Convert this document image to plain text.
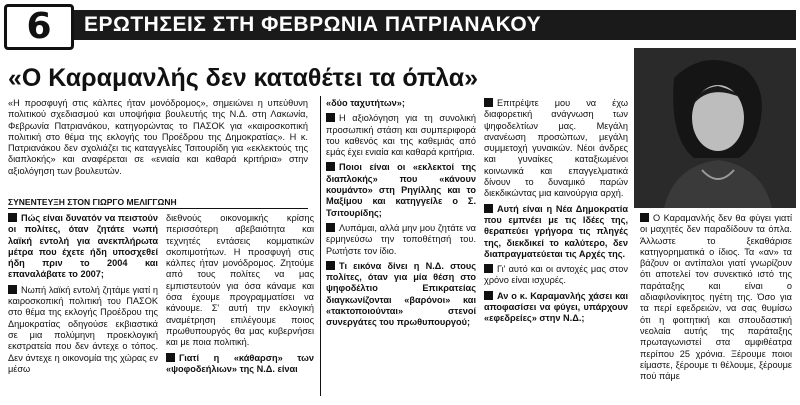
6	ΕΡΩΤΗΣΕΙΣ ΣΤΗ ΦΕΒΡΩΝΙΑ ΠΑΤΡΙΑΝΑΚΟΥ
«Ο Καραμανλής δεν καταθέτει τα όπλα»
«Η προσφυγή στις κάλπες ήταν μονόδρομος», σημειώνει η υπεύθυνη πολιτικού σχεδιασμού και υποψήφια βουλευτής της Ν.Δ. στη Λακωνία, Φεβρωνία Πατριανάκου, κατηγορώντας το ΠΑΣΟΚ για «καιροσκοπική πολιτική στο θέμα της εκλογής του Προέδρου της Δημοκρατίας». Η κ. Πατριανάκου δεν σχολιάζει τις καταγγελίες Τσιτουρίδη για «εκλεκτούς της διαπλοκής» και αναφέρεται σε «ενιαία και καθαρά κριτήρια» στην αξιολόγηση των βουλευτών.
ΣΥΝΕΝΤΕΥΞΗ ΣΤΟΝ ΓΙΩΡΓΟ ΜΕΛΙΓΓΩΝΗ
Πώς είναι δυνατόν να πειστούν οι πολίτες, όταν ζητάτε νωπή λαϊκή εντολή για ανεκπλήρωτα μέτρα που έχετε ήδη υποσχεθεί ήδη πριν το 2004 και επαναλάβατε το 2007;
Νωπή λαϊκή εντολή ζητάμε γιατί η καιροσκοπική πολιτική του ΠΑΣΟΚ στο θέμα της εκλογής Προέδρου της Δημοκρατίας οδηγούσε εκβιαστικά σε μια πολύμηνη προεκλογική εκστρατεία που δεν άντεχε ο τόπος. Δεν άντεχε η οικονομία της χώρας εν μέσω
διεθνούς οικονομικής κρίσης περισσότερη αβεβαιότητα και τεχνητές εντάσεις κομματικών σκοπιμοτήτων. Η προσφυγή στις κάλπες ήταν μονόδρομος. Ζητούμε από τους πολίτες να μας εμπιστευτούν για όσα κάναμε και όσα έχουμε προγραμματίσει να κάνουμε. Σ' αυτή την εκλογική αναμέτρηση επιλέγουμε ποιος πρωθυπουργός θα μας κυβερνήσει και με ποια πολιτική.
Γιατί η «κάθαρση» των «ψοφοδεήλιων» της Ν.Δ. είναι
«δύο ταχυτήτων»;
Η αξιολόγηση για τη συνολική προσωπική στάση και συμπεριφορά του καθενός και της καθεμιάς από εμάς έχει ενιαία και καθαρά κριτήρια.
Ποιοι είναι οι «εκλεκτοί της διαπλοκής» που «κάνουν κουμάντο» στη Ρηγίλλης και το Μαξίμου και κατηγγείλε ο Σ. Τσιτουρίδης;
Λυπάμαι, αλλά μην μου ζητάτε να ερμηνεύσω την τοποθέτησή του. Ρωτήστε τον ίδιο.
Τι εικόνα δίνει η Ν.Δ. στους πολίτες, όταν για μία θέση στο ψηφοδέλτιο Επικρατείας διαγκωνίζονται «βαρόνοι» και «τακτοποιούνται» στενοί συνεργάτες του πρωθυπουργού;
Επιτρέψτε μου να έχω διαφορετική ανάγνωση των ψηφοδελτίων μας. Μεγάλη ανανέωση προσώπων, μεγάλη συμμετοχή γυναικών. Νέοι άνδρες και γυναίκες καταξιωμένοι κοινωνικά και επαγγελματικά δίνουν το δυναμικό παρών διεκδικώντας μια καινούργια αρχή.
Αυτή είναι η Νέα Δημοκρατία που εμπνέει με τις Ιδέες της, θεραπεύει γρήγορα τις πληγές της, διεκδικεί το καλύτερο, δεν διαπραγματεύεται τις Αρχές της.
Γι' αυτό και οι αντοχές μας στον χρόνο είναι ισχυρές.
Αν ο κ. Καραμανλής χάσει και αποφασίσει να φύγει, υπάρχουν «εφεδρείες» στην Ν.Δ.;
Ο Καραμανλής δεν θα φύγει γιατί οι μαχητές δεν παραδίδουν τα όπλα. Άλλωστε το ξεκαθάρισε κατηγορηματικά ο ίδιος. Τα «αν» τα βάζουν οι αντίπαλοι γιατί γνωρίζουν ότι αποτελεί τον συνεκτικό ιστό της παράταξης και είναι ο αδιαφιλονίκητος ηγέτη της. Όσο για τα περί εφεδρειών, να σας θυμίσω ότι η φοιτητική και σπουδαστική νεολαία αυτής της παράταξης πρωταγωνιστεί στα αμφιθέατρα περίπου 25 χρόνια. Ξέρουμε ποιοι είμαστε, ξέρουμε τι θέλουμε, ξέρουμε πού πάμε
